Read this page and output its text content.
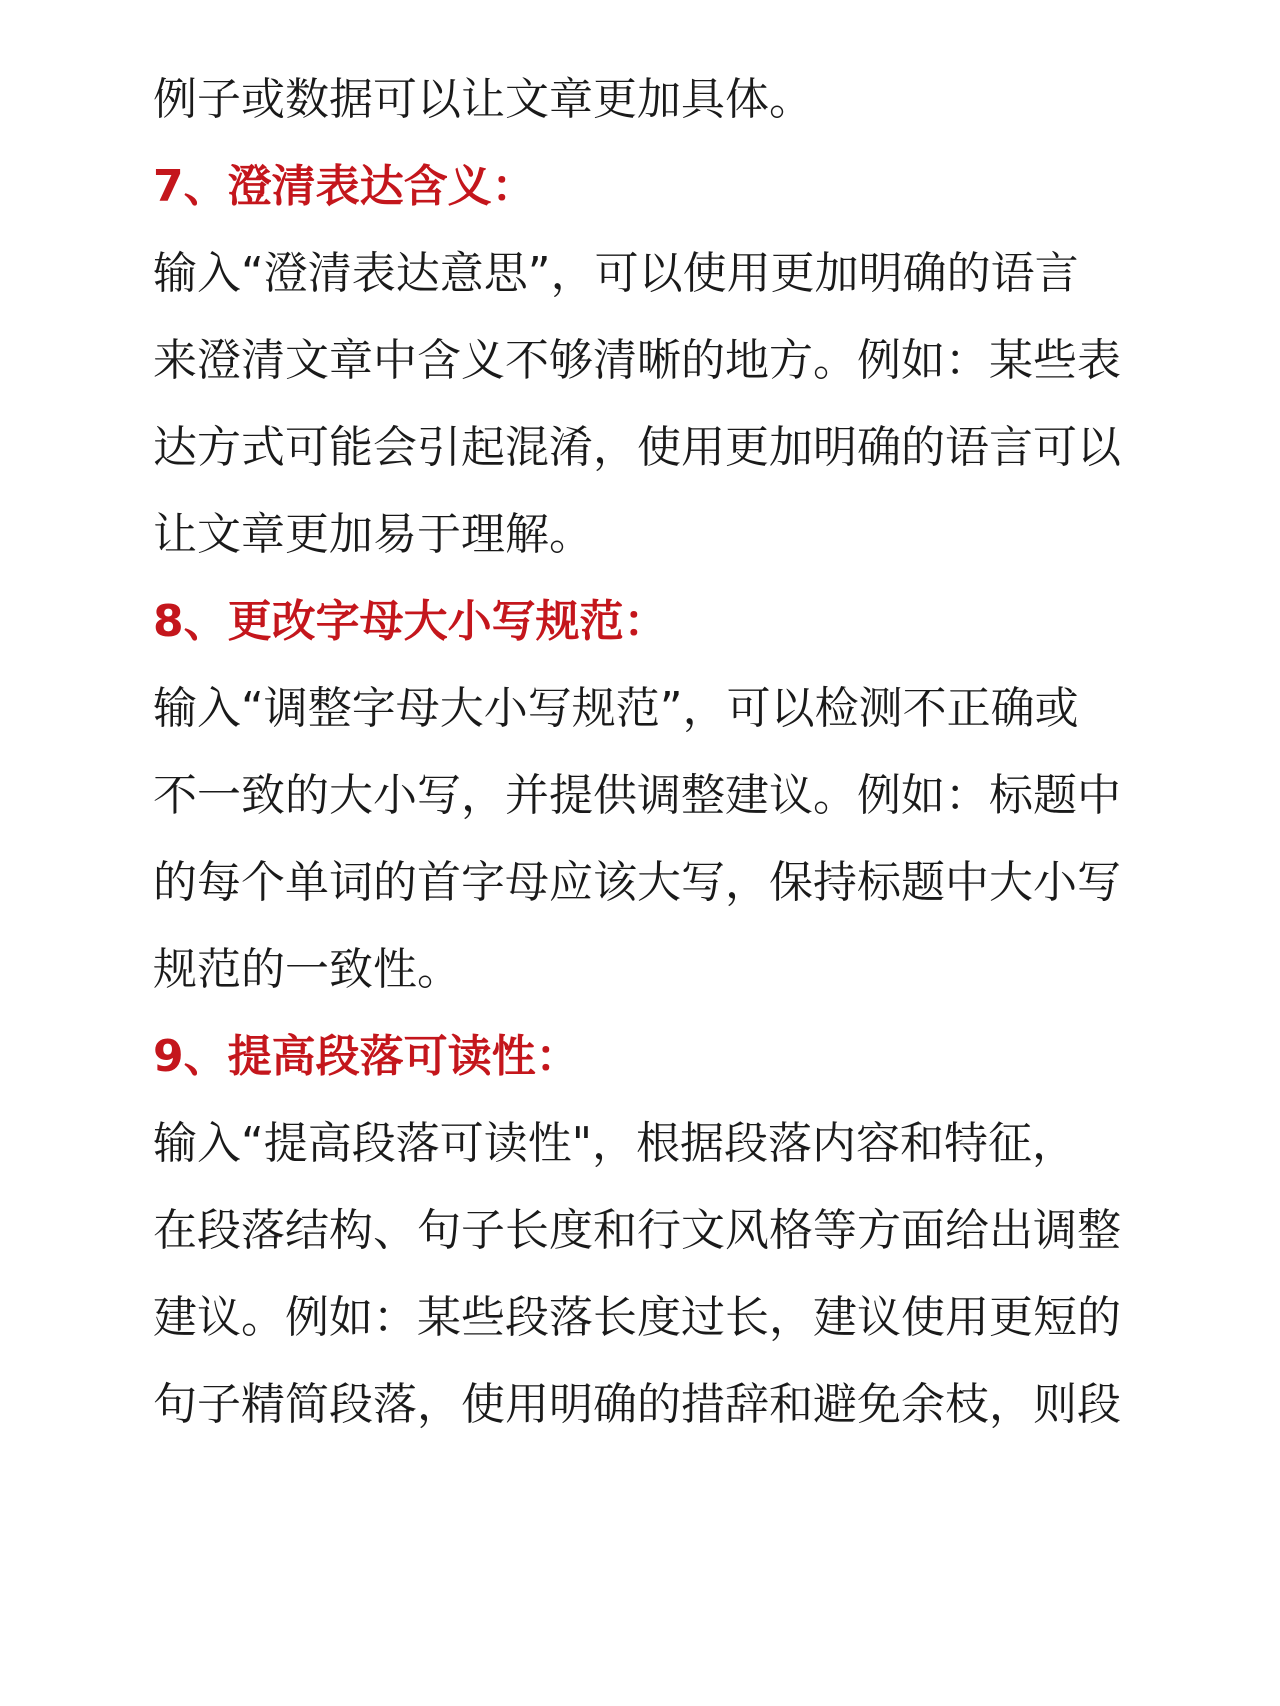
例子或数据可以让文章更加具体。
7、澄清表达含义：
输入“澄清表达意思”，可以使用更加明确的语言
来澄清文章中含义不够清晰的地方。例如：某些表
达方式可能会引起混淆，使用更加明确的语言可以
让文章更加易于理解。
8、更改字母大小写规范：
输入“调整字母大小写规范”，可以检测不正确或
不一致的大小写，并提供调整建议。例如：标题中
的每个单词的首字母应该大写，保持标题中大小写
规范的一致性。
9、提高段落可读性：
输入“提高段落可读性"，根据段落内容和特征，
在段落结构、句子长度和行文风格等方面给出调整
建议。例如：某些段落长度过长，建议使用更短的
句子精简段落，使用明确的措辞和避免余枝，则段
